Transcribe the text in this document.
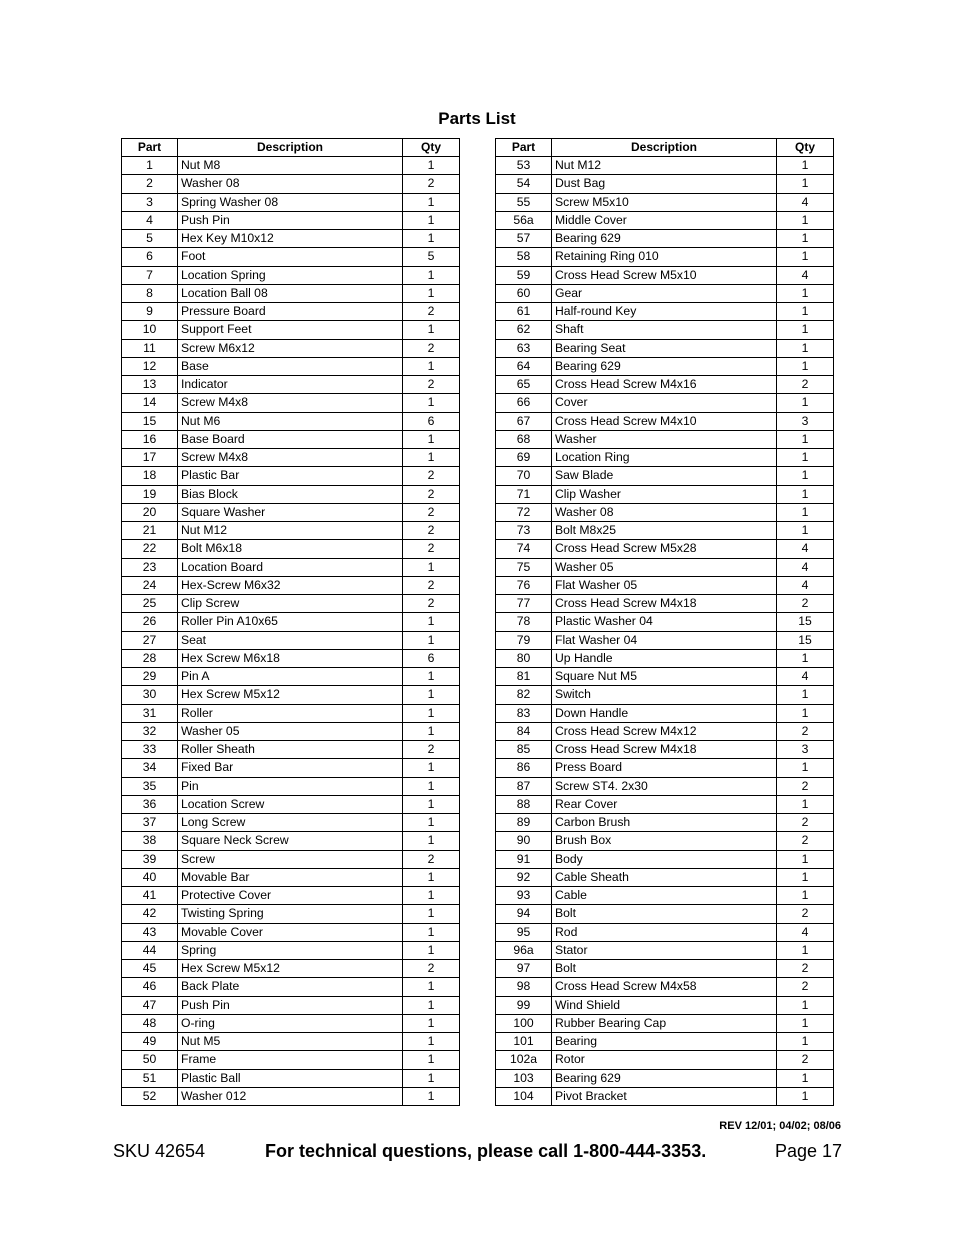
Parts List
Part	Description	Qty
1	Nut M8	1
2	Washer 08	2
3	Spring Washer 08	1
4	Push Pin	1
5	Hex Key M10x12	1
6	Foot	5
7	Location Spring	1
8	Location Ball 08	1
9	Pressure Board	2
10	Support Feet	1
11	Screw M6x12	2
12	Base	1
13	Indicator	2
14	Screw M4x8	1
15	Nut M6	6
16	Base Board	1
17	Screw M4x8	1
18	Plastic Bar	2
19	Bias Block	2
20	Square Washer	2
21	Nut M12	2
22	Bolt M6x18	2
23	Location Board	1
24	Hex-Screw M6x32	2
25	Clip Screw	2
26	Roller Pin A10x65	1
27	Seat	1
28	Hex Screw M6x18	6
29	Pin A	1
30	Hex Screw M5x12	1
31	Roller	1
32	Washer 05	1
33	Roller Sheath	2
34	Fixed Bar	1
35	Pin	1
36	Location Screw	1
37	Long Screw	1
38	Square Neck Screw	1
39	Screw	2
40	Movable Bar	1
41	Protective Cover	1
42	Twisting Spring	1
43	Movable Cover	1
44	Spring	1
45	Hex Screw M5x12	2
46	Back Plate	1
47	Push Pin	1
48	O-ring	1
49	Nut M5	1
50	Frame	1
51	Plastic Ball	1
52	Washer 012	1
Part	Description	Qty
53	Nut M12	1
54	Dust Bag	1
55	Screw M5x10	4
56a	Middle Cover	1
57	Bearing 629	1
58	Retaining Ring 010	1
59	Cross Head Screw M5x10	4
60	Gear	1
61	Half-round Key	1
62	Shaft	1
63	Bearing Seat	1
64	Bearing 629	1
65	Cross Head Screw M4x16	2
66	Cover	1
67	Cross Head Screw M4x10	3
68	Washer	1
69	Location Ring	1
70	Saw Blade	1
71	Clip Washer	1
72	Washer 08	1
73	Bolt M8x25	1
74	Cross Head Screw M5x28	4
75	Washer 05	4
76	Flat Washer 05	4
77	Cross Head Screw M4x18	2
78	Plastic Washer 04	15
79	Flat Washer 04	15
80	Up Handle	1
81	Square Nut M5	4
82	Switch	1
83	Down Handle	1
84	Cross Head Screw M4x12	2
85	Cross Head Screw M4x18	3
86	Press Board	1
87	Screw ST4. 2x30	2
88	Rear Cover	1
89	Carbon Brush	2
90	Brush Box	2
91	Body	1
92	Cable Sheath	1
93	Cable	1
94	Bolt	2
95	Rod	4
96a	Stator	1
97	Bolt	2
98	Cross Head Screw M4x58	2
99	Wind Shield	1
100	Rubber Bearing Cap	1
101	Bearing	1
102a	Rotor	2
103	Bearing 629	1
104	Pivot Bracket	1
REV 12/01; 04/02; 08/06
SKU 42654	For technical questions, please call 1-800-444-3353.	Page 17
